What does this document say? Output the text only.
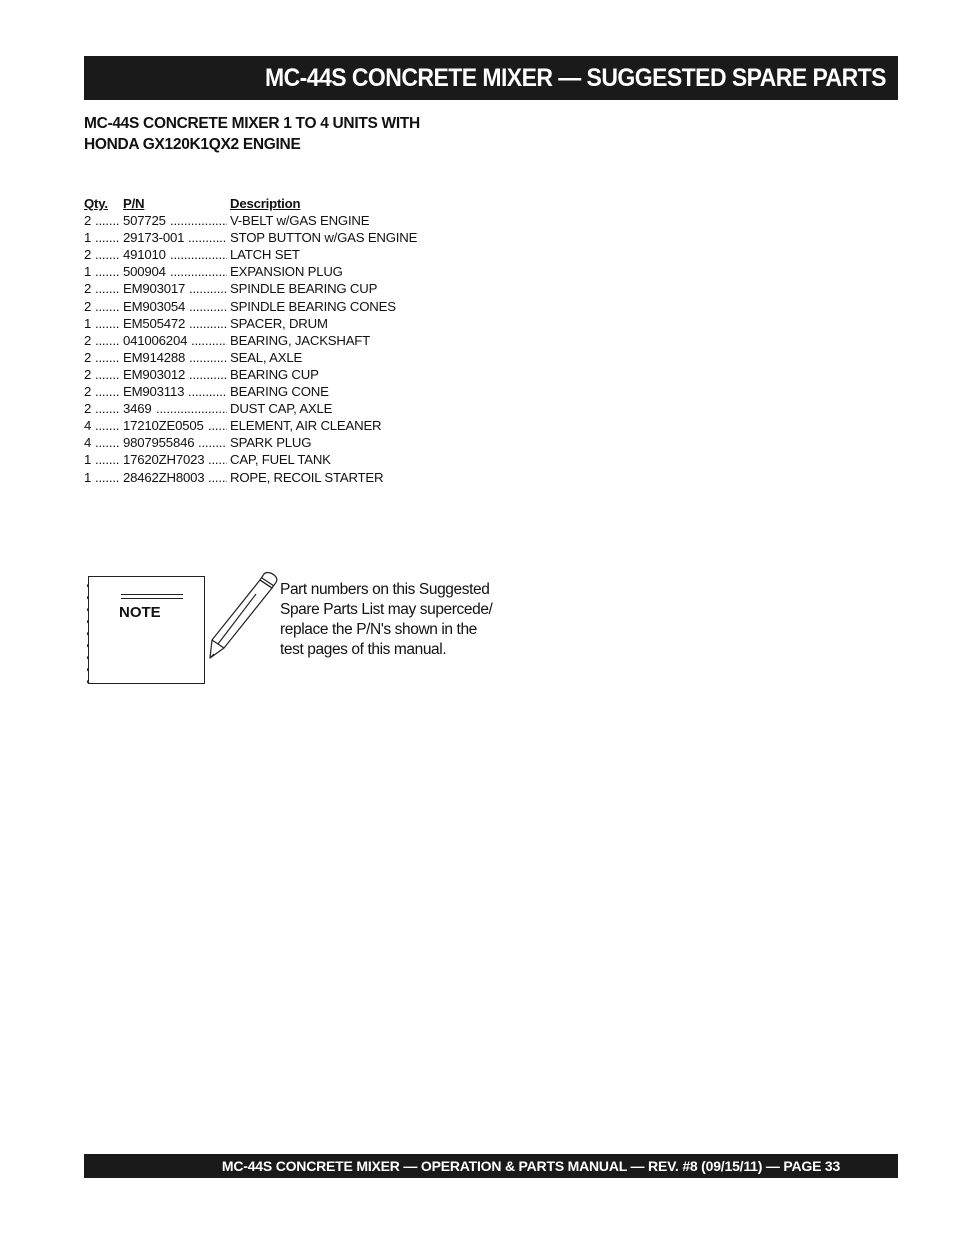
MC-44S CONCRETE MIXER — SUGGESTED SPARE PARTS
MC-44S CONCRETE MIXER 1 TO 4 UNITS WITH
HONDA GX120K1QX2 ENGINE
Qty. P/N	Description
.....
.....
2 507725	V-BELT w/GAS ENGINE
.....
.....
1 29173-001	STOP BUTTON w/GAS ENGINE
.....
.....
2 491010	LATCH SET
.....
.....
1 500904	EXPANSION PLUG
.....
.....
2 EM903017	SPINDLE BEARING CUP
.....
.....
2 EM903054	SPINDLE BEARING CONES
.....
.....
1 EM505472	SPACER, DRUM
.....
.....
2 041006204	BEARING, JACKSHAFT
.....
.....
2 EM914288	SEAL, AXLE
.....
.....
2 EM903012	BEARING CUP
.....
.....
2 EM903113	BEARING CONE
.....
.....
2 3469	DUST CAP, AXLE
.....
.....
4 17210ZE0505 ELEMENT, AIR CLEANER
.....
.....
4 9807955846	SPARK PLUG
.....
.....
1 17620ZH7023 CAP, FUEL TANK
.....
.....
1 28462ZH8003 ROPE, RECOIL STARTER
NOTE

Part numbers on this Suggested
Spare Parts List may supercede/
replace the P/N's shown in the
test pages of this manual.

MC-44S CONCRETE MIXER — OPERATION & PARTS MANUAL — REV. #8 (09/15/11) — PAGE 33
